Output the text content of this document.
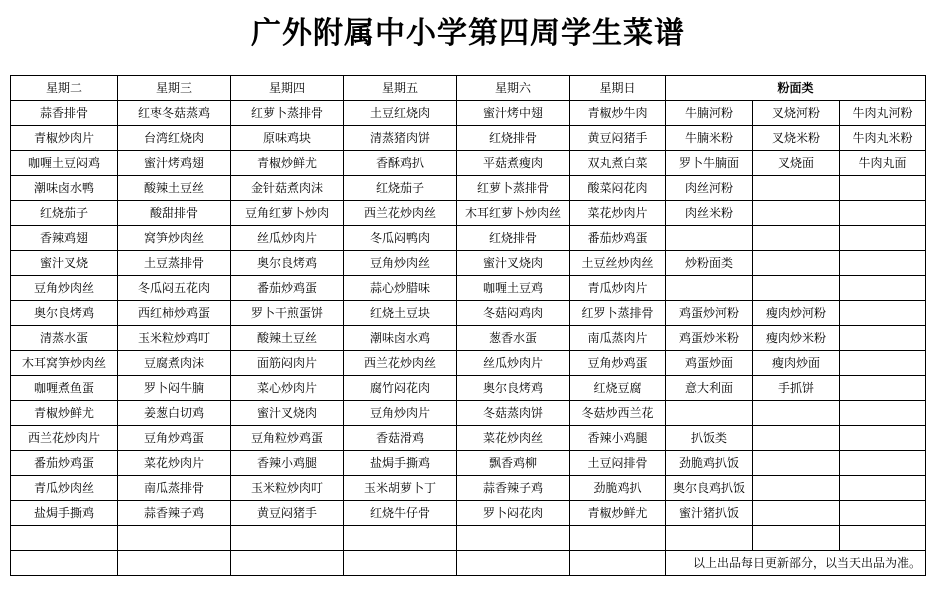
广外附属中小学第四周学生菜谱
星期二	星期三	星期四	星期五	星期六	星期日	粉面类		
蒜香排骨	红枣冬菇蒸鸡	红萝卜蒸排骨	土豆红烧肉	蜜汁烤中翅	青椒炒牛肉	牛腩河粉	叉烧河粉	牛肉丸河粉
青椒炒肉片	台湾红烧肉	原味鸡块	清蒸猪肉饼	红烧排骨	黄豆闷猪手	牛腩米粉	叉烧米粉	牛肉丸米粉
咖喱土豆闷鸡	蜜汁烤鸡翅	青椒炒鲜尤	香酥鸡扒	平菇煮瘦肉	双丸煮白菜	罗卜牛腩面	叉烧面	牛肉丸面
潮味卤水鸭	酸辣土豆丝	金针菇煮肉沫	红烧茄子	红萝卜蒸排骨	酸菜闷花肉	肉丝河粉		
红烧茄子	酸甜排骨	豆角红萝卜炒肉	西兰花炒肉丝	木耳红萝卜炒肉丝	菜花炒肉片	肉丝米粉		
香辣鸡翅	窝笋炒肉丝	丝瓜炒肉片	冬瓜闷鸭肉	红烧排骨	番茄炒鸡蛋			
蜜汁叉烧	土豆蒸排骨	奥尔良烤鸡	豆角炒肉丝	蜜汁叉烧肉	土豆丝炒肉丝	炒粉面类		
豆角炒肉丝	冬瓜闷五花肉	番茄炒鸡蛋	蒜心炒腊味	咖喱土豆鸡	青瓜炒肉片			
奥尔良烤鸡	西红柿炒鸡蛋	罗卜干煎蛋饼	红烧土豆块	冬菇闷鸡肉	红罗卜蒸排骨	鸡蛋炒河粉	瘦肉炒河粉	
清蒸水蛋	玉米粒炒鸡叮	酸辣土豆丝	潮味卤水鸡	葱香水蛋	南瓜蒸肉片	鸡蛋炒米粉	瘦肉炒米粉	
木耳窝笋炒肉丝	豆腐煮肉沫	面筋闷肉片	西兰花炒肉丝	丝瓜炒肉片	豆角炒鸡蛋	鸡蛋炒面	瘦肉炒面	
咖喱煮鱼蛋	罗卜闷牛腩	菜心炒肉片	腐竹闷花肉	奥尔良烤鸡	红烧豆腐	意大利面	手抓饼	
青椒炒鲜尤	姜葱白切鸡	蜜汁叉烧肉	豆角炒肉片	冬菇蒸肉饼	冬菇炒西兰花			
西兰花炒肉片	豆角炒鸡蛋	豆角粒炒鸡蛋	香菇滑鸡	菜花炒肉丝	香辣小鸡腿	扒饭类		
番茄炒鸡蛋	菜花炒肉片	香辣小鸡腿	盐焗手撕鸡	飘香鸡柳	土豆闷排骨	劲脆鸡扒饭		
青瓜炒肉丝	南瓜蒸排骨	玉米粒炒肉叮	玉米胡萝卜丁	蒜香辣子鸡	劲脆鸡扒	奥尔良鸡扒饭		
盐焗手撕鸡	蒜香辣子鸡	黄豆闷猪手	红烧牛仔骨	罗卜闷花肉	青椒炒鲜尤	蜜汁猪扒饭		

						以上出品每日更新部分，以当天出品为准。		
